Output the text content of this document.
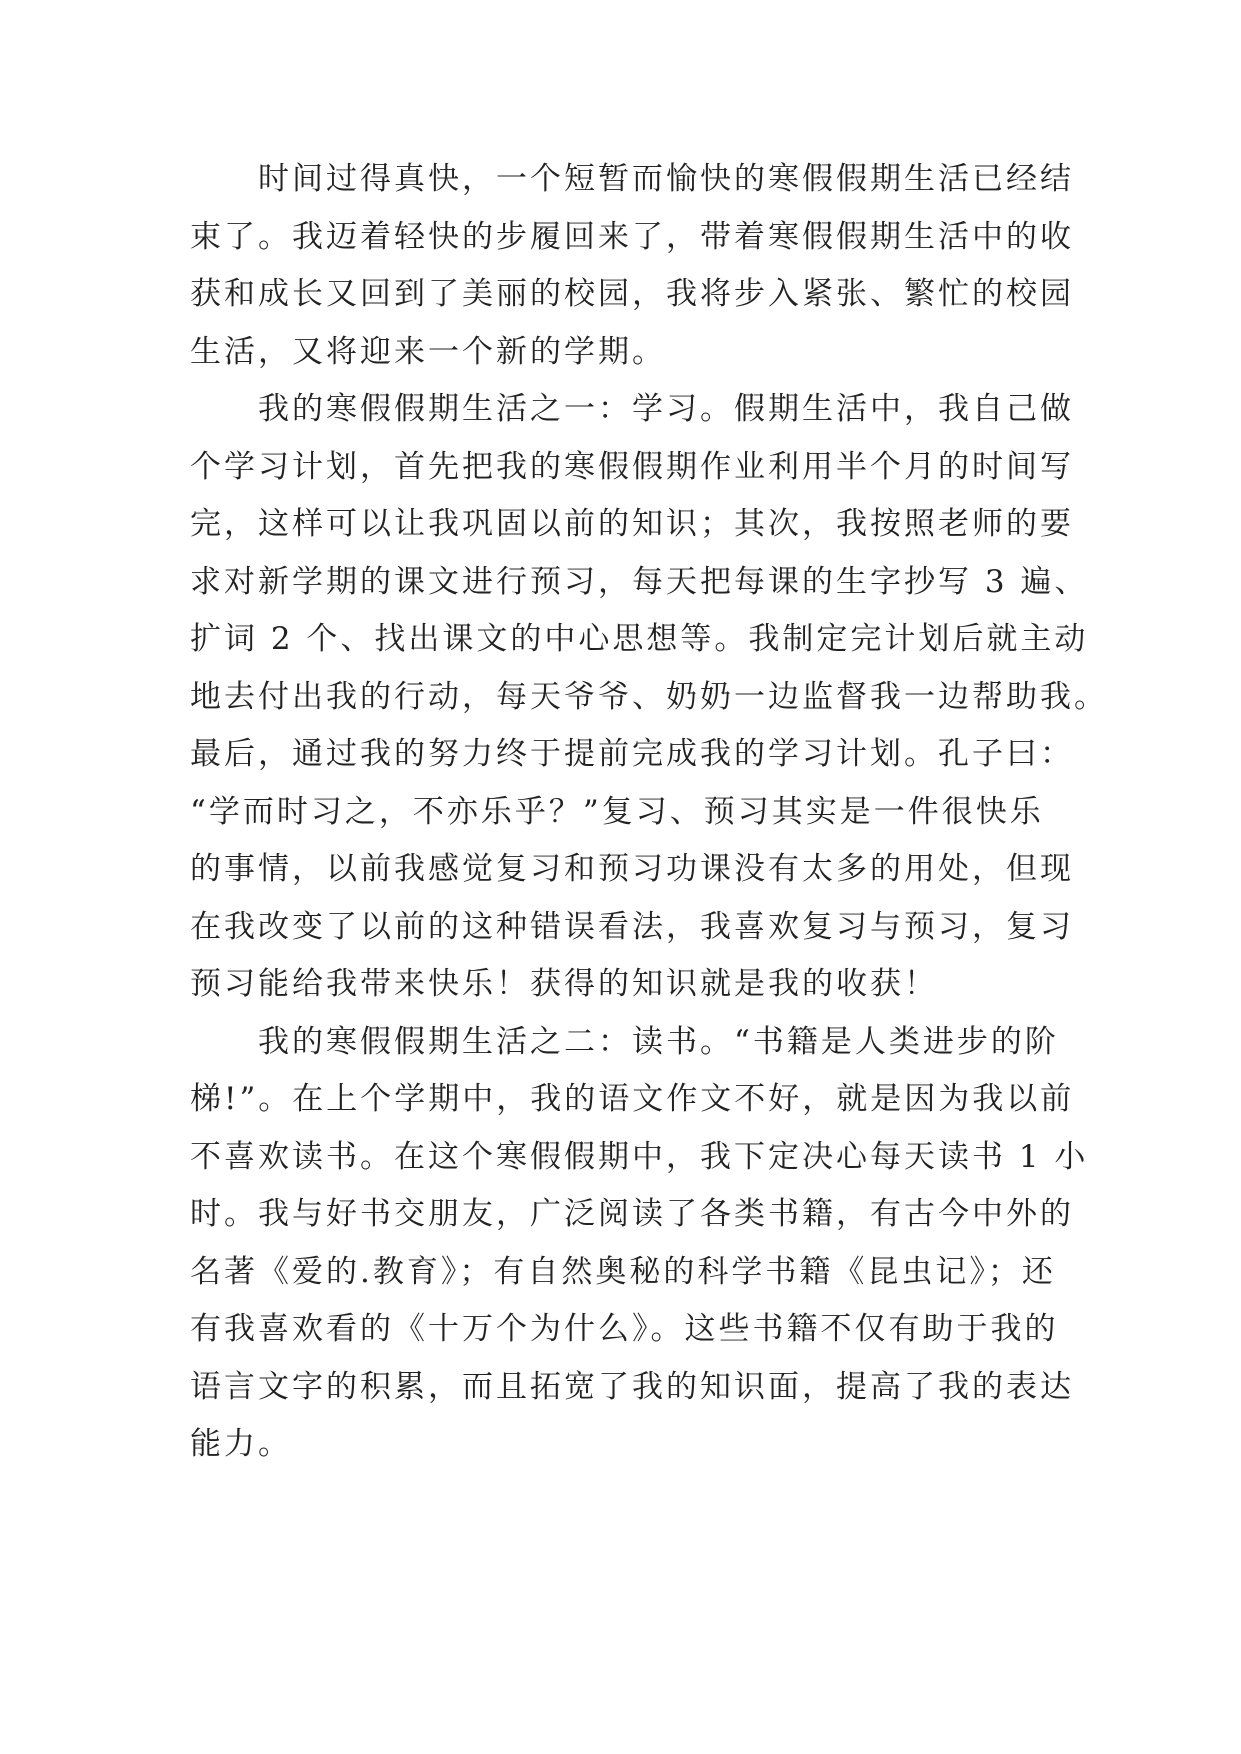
时间过得真快，一个短暂而愉快的寒假假期生活已经结
束了。我迈着轻快的步履回来了，带着寒假假期生活中的收
获和成长又回到了美丽的校园，我将步入紧张、繁忙的校园
生活，又将迎来一个新的学期。

我的寒假假期生活之一：学习。假期生活中，我自己做
个学习计划，首先把我的寒假假期作业利用半个月的时间写
完，这样可以让我巩固以前的知识；其次，我按照老师的要
求对新学期的课文进行预习，每天把每课的生字抄写 3 遍、
扩词 2 个、找出课文的中心思想等。我制定完计划后就主动
地去付出我的行动，每天爷爷、奶奶一边监督我一边帮助我。
最后，通过我的努力终于提前完成我的学习计划。孔子曰：
“学而时习之，不亦乐乎？”复习、预习其实是一件很快乐
的事情，以前我感觉复习和预习功课没有太多的用处，但现
在我改变了以前的这种错误看法，我喜欢复习与预习，复习
预习能给我带来快乐！获得的知识就是我的收获！

我的寒假假期生活之二：读书。“书籍是人类进步的阶
梯!”。在上个学期中，我的语文作文不好，就是因为我以前
不喜欢读书。在这个寒假假期中，我下定决心每天读书 1 小
时。我与好书交朋友，广泛阅读了各类书籍，有古今中外的
名著《爱的.教育》；有自然奥秘的科学书籍《昆虫记》；还
有我喜欢看的《十万个为什么》。这些书籍不仅有助于我的
语言文字的积累，而且拓宽了我的知识面，提高了我的表达
能力。
